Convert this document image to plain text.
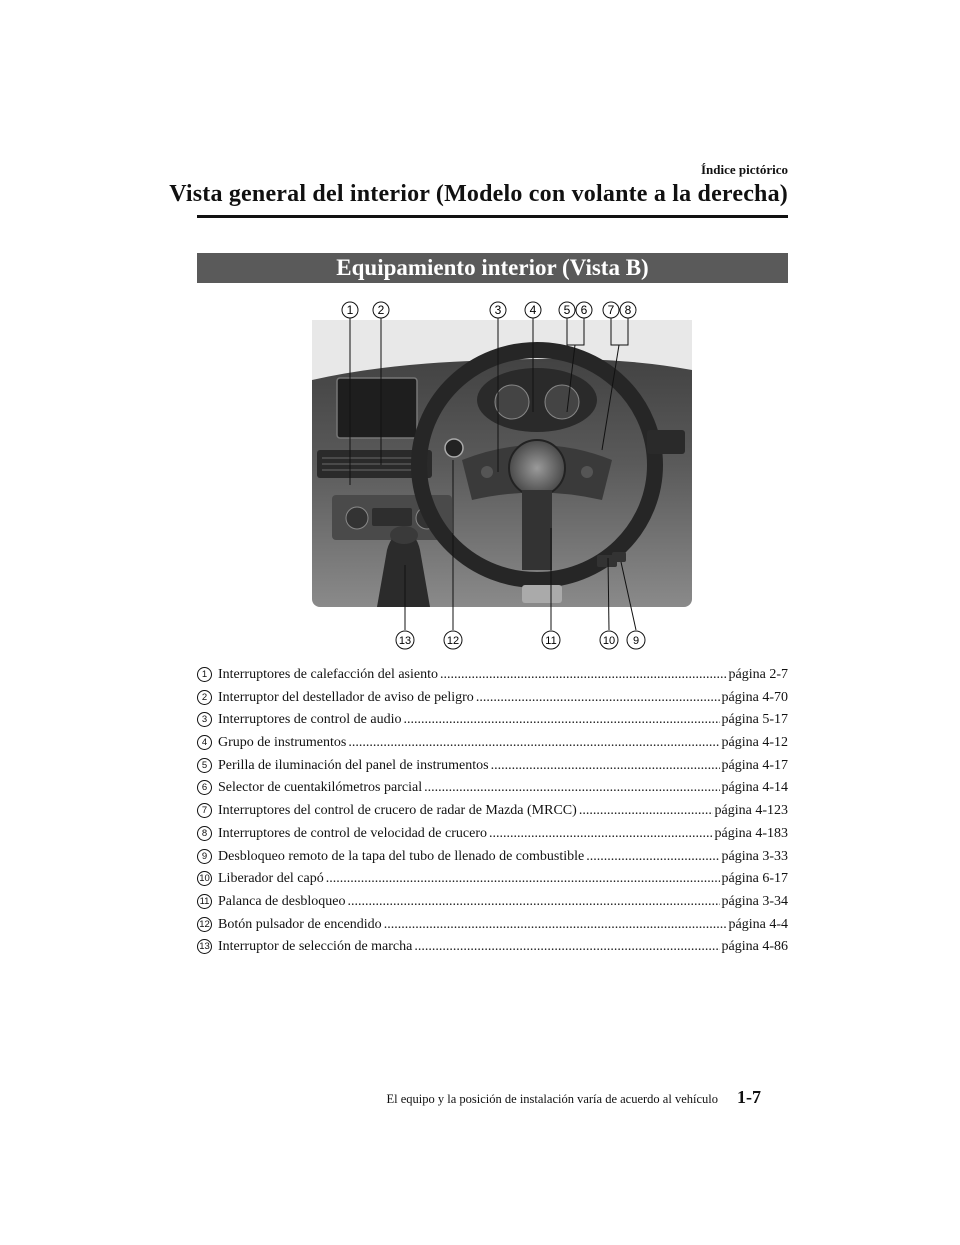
Índice pictórico
Vista general del interior (Modelo con volante a la derecha)
Equipamiento interior (Vista B)
1 2	3 4 5 6 7 8
13	12	11	10 9
1 Interruptores de calefacción del asiento .....	página 2-7
2 Interruptor del destellador de aviso de peligro .....	página 4-70
3 Interruptores de control de audio .....	página 5-17
4 Grupo de instrumentos .....	página 4-12
5 Perilla de iluminación del panel de instrumentos .....	página 4-17
6 Selector de cuentakilómetros parcial .....	página 4-14
7 Interruptores del control de crucero de radar de Mazda (MRCC) .....	página 4-123
8 Interruptores de control de velocidad de crucero .....	página 4-183
9 Desbloqueo remoto de la tapa del tubo de llenado de combustible .....	página 3-33
10 Liberador del capó .....	página 6-17
11 Palanca de desbloqueo .....	página 3-34
12 Botón pulsador de encendido .....	página 4-4
13 Interruptor de selección de marcha .....	página 4-86
El equipo y la posición de instalación varía de acuerdo al vehículo 1-7
